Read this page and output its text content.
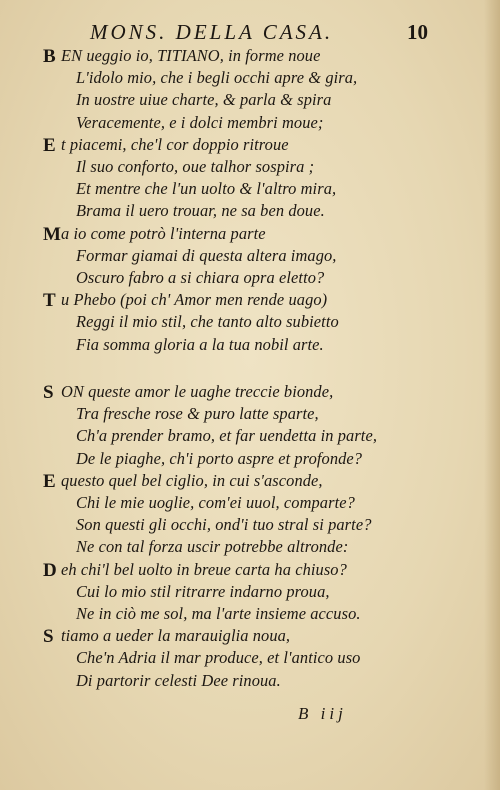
MONS. DELLA CASA.	10
B EN ueggio io, TITIANO, in forme noue
L'idolo mio, che i begli occhi apre & gira,
In uostre uiue charte, & parla & spira
Veracemente, e i dolci membri moue;
E t piacemi, che'l cor doppio ritroue
Il suo conforto, oue talhor sospira ;
Et mentre che l'un uolto & l'altro mira,
Brama il uero trouar, ne sa ben doue.
M a io come potrò l'interna parte
Formar giamai di questa altera imago,
Oscuro fabro a si chiara opra eletto?
T u Phebo (poi ch' Amor men rende uago)
Reggi il mio stil, che tanto alto subietto
Fia somma gloria a la tua nobil arte.
S ON queste amor le uaghe treccie bionde,
Tra fresche rose & puro latte sparte,
Ch'a prender bramo, et far uendetta in parte,
De le piaghe, ch'i porto aspre et profonde?
E questo quel bel ciglio, in cui s'asconde,
Chi le mie uoglie, com'ei uuol, comparte?
Son questi gli occhi, ond'i tuo stral si parte?
Ne con tal forza uscir potrebbe altronde:
D eh chi'l bel uolto in breue carta ha chiuso?
Cui lo mio stil ritrarre indarno proua,
Ne in ciò me sol, ma l'arte insieme accuso.
S tiamo a ueder la marauiglia noua,
Che'n Adria il mar produce, et l'antico uso
Di partorir celesti Dee rinoua.
B iij
